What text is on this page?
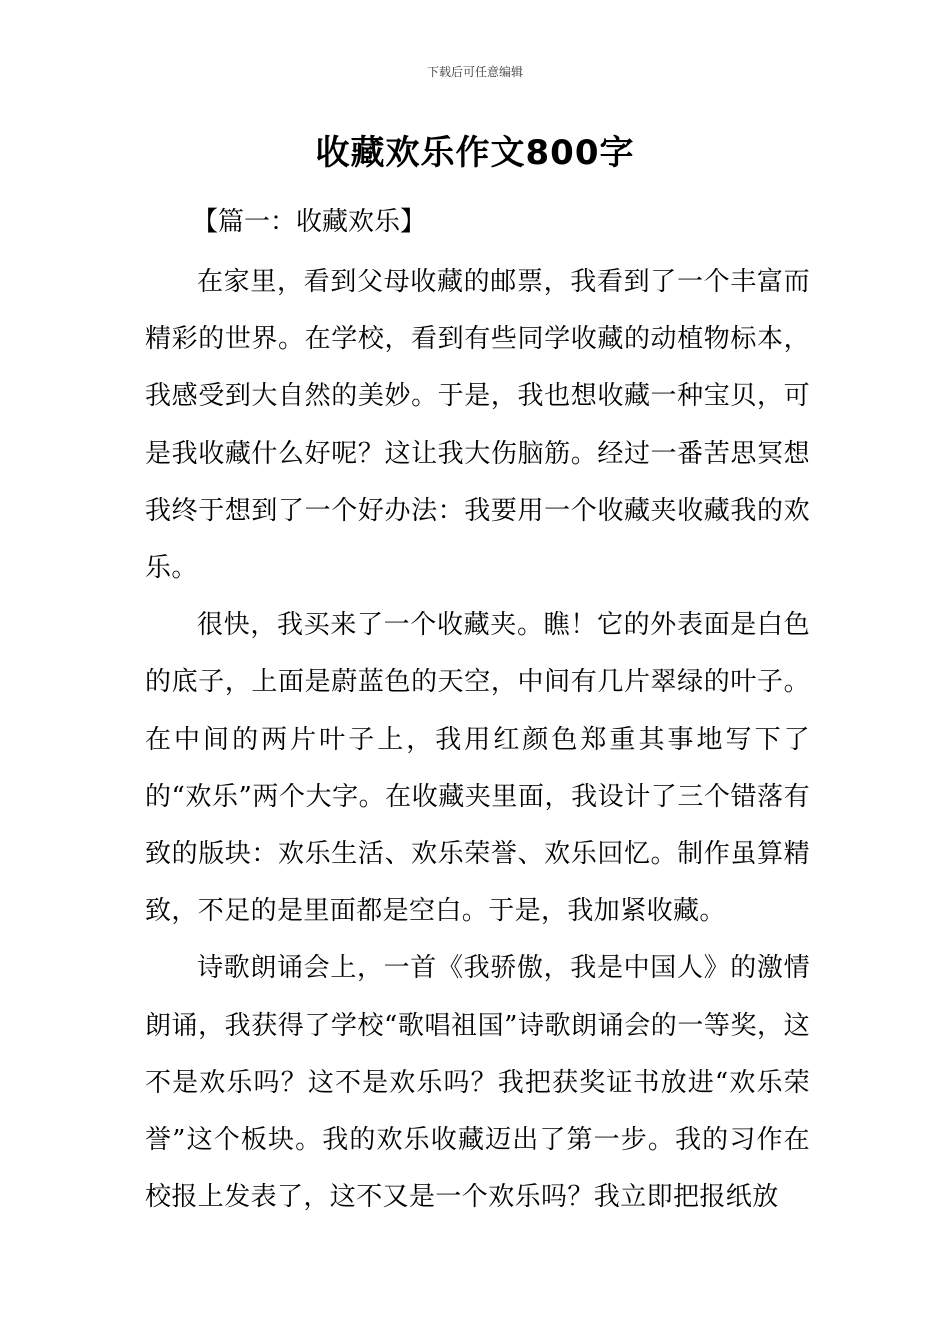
下载后可任意编辑
收藏欢乐作文800字
【篇一：收藏欢乐】

在家里，看到父母收藏的邮票，我看到了一个丰富而精彩的世界。在学校，看到有些同学收藏的动植物标本，我感受到大自然的美妙。于是，我也想收藏一种宝贝，可是我收藏什么好呢？这让我大伤脑筋。经过一番苦思冥想我终于想到了一个好办法：我要用一个收藏夹收藏我的欢乐。

很快，我买来了一个收藏夹。瞧！它的外表面是白色的底子，上面是蔚蓝色的天空，中间有几片翠绿的叶子。在中间的两片叶子上，我用红颜色郑重其事地写下了的“欢乐”两个大字。在收藏夹里面，我设计了三个错落有致的版块：欢乐生活、欢乐荣誉、欢乐回忆。制作虽算精致，不足的是里面都是空白。于是，我加紧收藏。

诗歌朗诵会上，一首《我骄傲，我是中国人》的激情朗诵，我获得了学校“歌唱祖国”诗歌朗诵会的一等奖，这不是欢乐吗？这不是欢乐吗？我把获奖证书放进“欢乐荣誉”这个板块。我的欢乐收藏迈出了第一步。我的习作在校报上发表了，这不又是一个欢乐吗？我立即把报纸放
